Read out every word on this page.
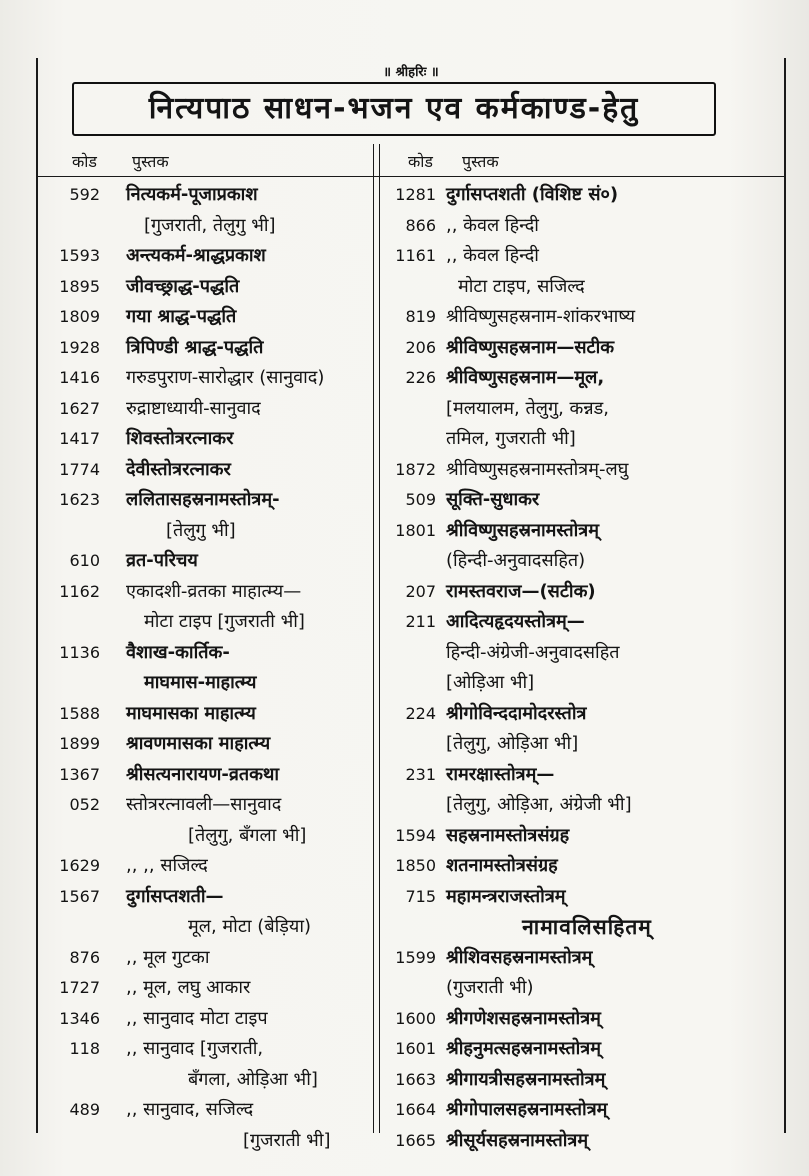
॥ श्रीहरिः ॥
नित्यपाठ साधन-भजन एव कर्मकाण्ड-हेतु
कोड पुस्तक	कोड पुस्तक
592 नित्यकर्म-पूजाप्रकाश
[गुजराती, तेलुगु भी]
1593 अन्त्यकर्म-श्राद्धप्रकाश
1895 जीवच्छ्राद्ध-पद्धति
1809 गया श्राद्ध-पद्धति
1928 त्रिपिण्डी श्राद्ध-पद्धति
1416 गरुडपुराण-सारोद्धार (सानुवाद)
1627 रुद्राष्टाध्यायी-सानुवाद
1417 शिवस्तोत्ररत्नाकर
1774 देवीस्तोत्ररत्नाकर
1623 ललितासहस्रनामस्तोत्रम्-
[तेलुगु भी]
610 व्रत-परिचय
1162 एकादशी-व्रतका माहात्म्य—
मोटा टाइप [गुजराती भी]
1136 वैशाख-कार्तिक-
माघमास-माहात्म्य
1588 माघमासका माहात्म्य
1899 श्रावणमासका माहात्म्य
1367 श्रीसत्यनारायण-व्रतकथा
052 स्तोत्ररत्नावली—सानुवाद
[तेलुगु, बँगला भी]
1629 ,, ,, सजिल्द
1567 दुर्गासप्तशती—
मूल, मोटा (बेड़िया)
876 ,, मूल गुटका
1727 ,, मूल, लघु आकार
1346 ,, सानुवाद मोटा टाइप
118 ,, सानुवाद [गुजराती,
बँगला, ओड़िआ भी]
489 ,, सानुवाद, सजिल्द
[गुजराती भी]
1281 दुर्गासप्तशती (विशिष्ट सं०)
866 ,, केवल हिन्दी
1161 ,, केवल हिन्दी
मोटा टाइप, सजिल्द
819 श्रीविष्णुसहस्रनाम-शांकरभाष्य
206 श्रीविष्णुसहस्रनाम—सटीक
226 श्रीविष्णुसहस्रनाम—मूल,
[मलयालम, तेलुगु, कन्नड,
तमिल, गुजराती भी]
1872 श्रीविष्णुसहस्रनामस्तोत्रम्-लघु
509 सूक्ति-सुधाकर
1801 श्रीविष्णुसहस्रनामस्तोत्रम्
(हिन्दी-अनुवादसहित)
207 रामस्तवराज—(सटीक)
211 आदित्यहृदयस्तोत्रम्—
हिन्दी-अंग्रेजी-अनुवादसहित
[ओड़िआ भी]
224 श्रीगोविन्ददामोदरस्तोत्र
[तेलुगु, ओड़िआ भी]
231 रामरक्षास्तोत्रम्—
[तेलुगु, ओड़िआ, अंग्रेजी भी]
1594 सहस्रनामस्तोत्रसंग्रह
1850 शतनामस्तोत्रसंग्रह
715 महामन्त्रराजस्तोत्रम्
नामावलिसहितम्
1599 श्रीशिवसहस्रनामस्तोत्रम्
(गुजराती भी)
1600 श्रीगणेशसहस्रनामस्तोत्रम्
1601 श्रीहनुमत्सहस्रनामस्तोत्रम्
1663 श्रीगायत्रीसहस्रनामस्तोत्रम्
1664 श्रीगोपालसहस्रनामस्तोत्रम्
1665 श्रीसूर्यसहस्रनामस्तोत्रम्
